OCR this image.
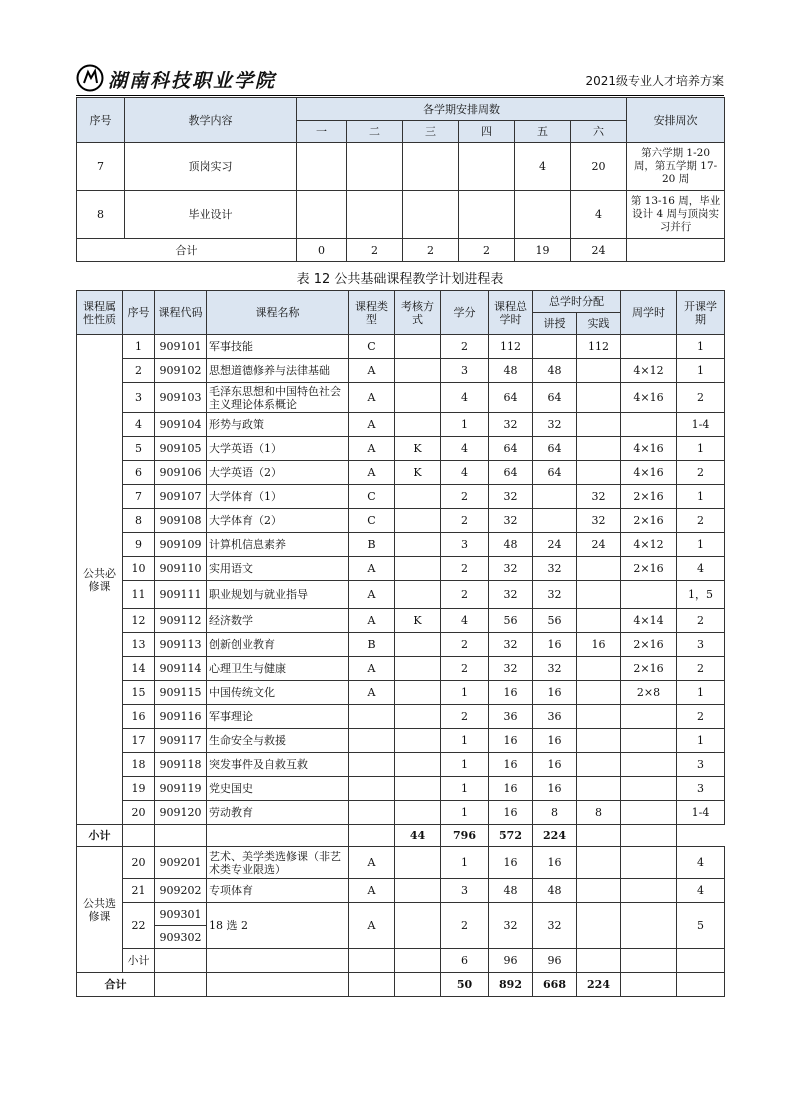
湖南科技职业学院	2021级专业人才培养方案
序号	教学内容	各学期安排周数						安排周次
		一	二	三	四	五	六	
7	顶岗实习					4	20	第六学期 1-20 周，第五学期 17-20 周
8	毕业设计						4	第 13-16 周，毕业设计 4 周与顶岗实习并行
合计		0	2	2	2	19	24	
表 12 公共基础课程教学计划进程表
课程属性性质	序号	课程代码	课程名称	课程类型	考核方式	学分	课程总学时	总学时分配		周学时	开课学期
								讲授	实践		
公共必修课	1	909101	军事技能	C		2	112		112		1
	2	909102	思想道德修养与法律基础	A		3	48	48		4×12	1
	3	909103	毛泽东思想和中国特色社会主义理论体系概论	A		4	64	64		4×16	2
	4	909104	形势与政策	A		1	32	32			1-4
	5	909105	大学英语（1）	A	K	4	64	64		4×16	1
	6	909106	大学英语（2）	A	K	4	64	64		4×16	2
	7	909107	大学体育（1）	C		2	32		32	2×16	1
	8	909108	大学体育（2）	C		2	32		32	2×16	2
	9	909109	计算机信息素养	B		3	48	24	24	4×12	1
	10	909110	实用语文	A		2	32	32		2×16	4
	11	909111	职业规划与就业指导	A		2	32	32			1，5
	12	909112	经济数学	A	K	4	56	56		4×14	2
	13	909113	创新创业教育	B		2	32	16	16	2×16	3
	14	909114	心理卫生与健康	A		2	32	32		2×16	2
	15	909115	中国传统文化	A		1	16	16		2×8	1
	16	909116	军事理论			2	36	36			2
	17	909117	生命安全与救援			1	16	16			1
	18	909118	突发事件及自救互救			1	16	16			3
	19	909119	党史国史			1	16	16			3
	20	909120	劳动教育			1	16	8	8		1-4
小计					44	796	572	224			
公共选修课	20	909201	艺术、美学类选修课（非艺术类专业限选）	A		1	16	16			4
	21	909202	专项体育	A		3	48	48			4
	22	909301	18 选 2	A		2	32	32			5
		909302									
	小计					6	96	96			
合计						50	892	668	224		
